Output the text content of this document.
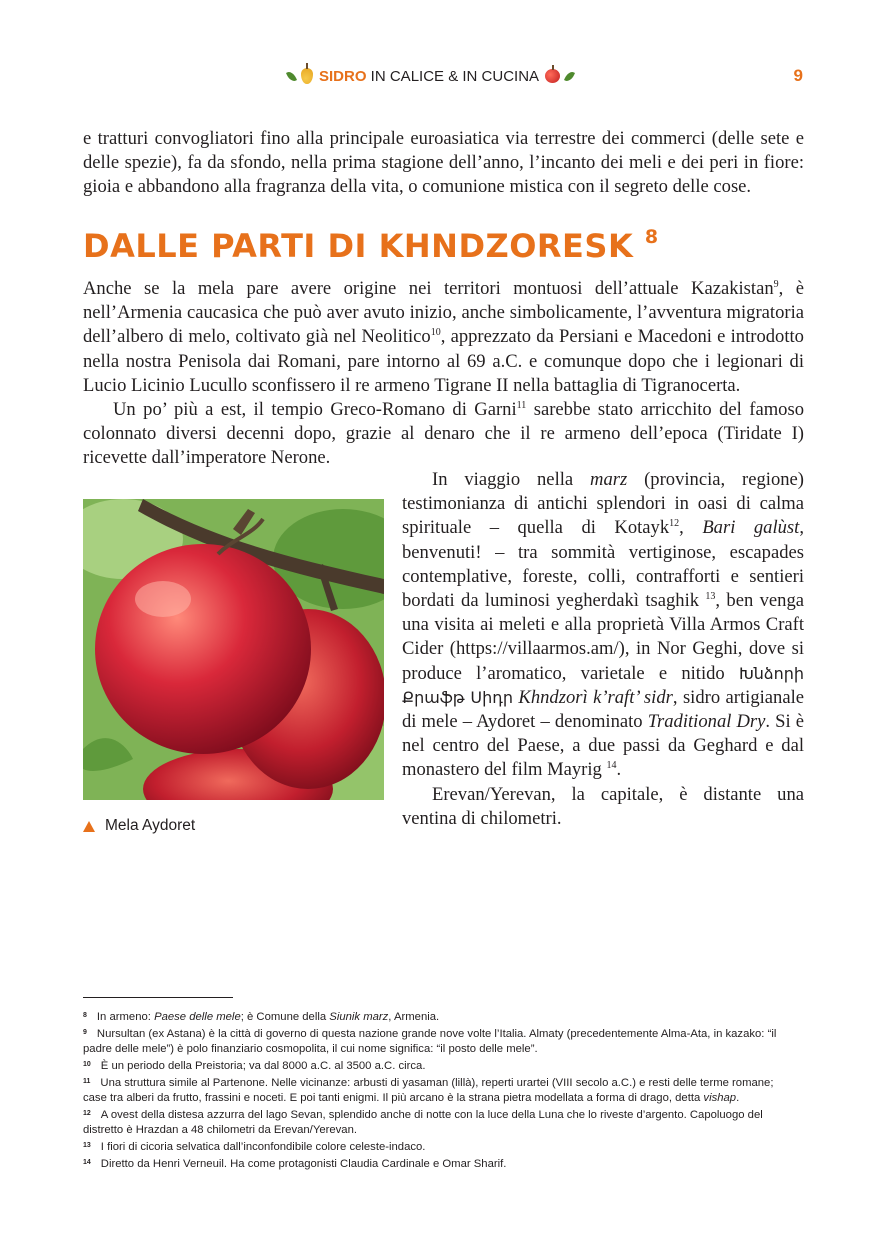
SIDRO IN CALICE & IN CUCINA	9

e tratturi convogliatori fino alla principale euroasiatica via terrestre dei commerci (delle sete e delle spezie), fa da sfondo, nella prima stagione dell’anno, l’incanto dei meli e dei peri in fiore: gioia e abbandono alla fragranza della vita, o comunione mistica con il segreto delle cose.

DALLE PARTI DI KHNDZORESK $^8$

Anche se la mela pare avere origine nei territori montuosi dell’attuale Kazakistan$^9$, è nell’Armenia caucasica che può aver avuto inizio, anche simbolicamente, l’avventura migratoria dell’albero di melo, coltivato già nel Neolitico$^{10}$, apprezzato da Persiani e Macedoni e introdotto nella nostra Penisola dai Romani, pare intorno al 69 a.C. e comunque dopo che i legionari di Lucio Licinio Lucullo sconfissero il re armeno Tigrane II nella battaglia di Tigranocerta.

Un po’ più a est, il tempio Greco-Romano di Garni$^{11}$ sarebbe stato arricchito del famoso colonnato diversi decenni dopo, grazie al denaro che il re armeno dell’epoca (Tiridate I) ricevette dall’imperatore Nerone.

Mela Aydoret

In viaggio nella marz (provincia, regione) testimonianza di antichi splendori in oasi di calma spirituale – quella di Kotayk$^{12}$, Bari galùst, benvenuti! – tra sommità vertiginose, escapades contemplative, foreste, colli, contrafforti e sentieri bordati da luminosi yegherdakì tsaghik $^{13}$, ben venga una visita ai meleti e alla proprietà Villa Armos Craft Cider (https://villaarmos.am/), in Nor Geghi, dove si produce l’aromatico, varietale e nitido Խնձորի Քրաֆթ Սիդր Khndzorì k’raft’ sidr, sidro artigianale di mele – Aydoret – denominato Traditional Dry. Si è nel centro del Paese, a due passi da Geghard e dal monastero del film Mayrig $^{14}$.

Erevan/Yerevan, la capitale, è distante una ventina di chilometri.

$^8$ In armeno: Paese delle mele; è Comune della Siunik marz, Armenia.
$^9$ Nursultan (ex Astana) è la città di governo di questa nazione grande nove volte l’Italia. Almaty (precedentemente Alma-Ata, in kazako: “il padre delle mele”) è polo finanziario cosmopolita, il cui nome significa: “il posto delle mele”.
$^{10}$ È un periodo della Preistoria; va dal 8000 a.C. al 3500 a.C. circa.
$^{11}$ Una struttura simile al Partenone. Nelle vicinanze: arbusti di yasaman (lillà), reperti urartei (VIII secolo a.C.) e resti delle terme romane; case tra alberi da frutto, frassini e noceti. E poi tanti enigmi. Il più arcano è la strana pietra modellata a forma di drago, detta vishap.
$^{12}$ A ovest della distesa azzurra del lago Sevan, splendido anche di notte con la luce della Luna che lo riveste d’argento. Capoluogo del distretto è Hrazdan a 48 chilometri da Erevan/Yerevan.
$^{13}$ I fiori di cicoria selvatica dall’inconfondibile colore celeste-indaco.
$^{14}$ Diretto da Henri Verneuil. Ha come protagonisti Claudia Cardinale e Omar Sharif.
